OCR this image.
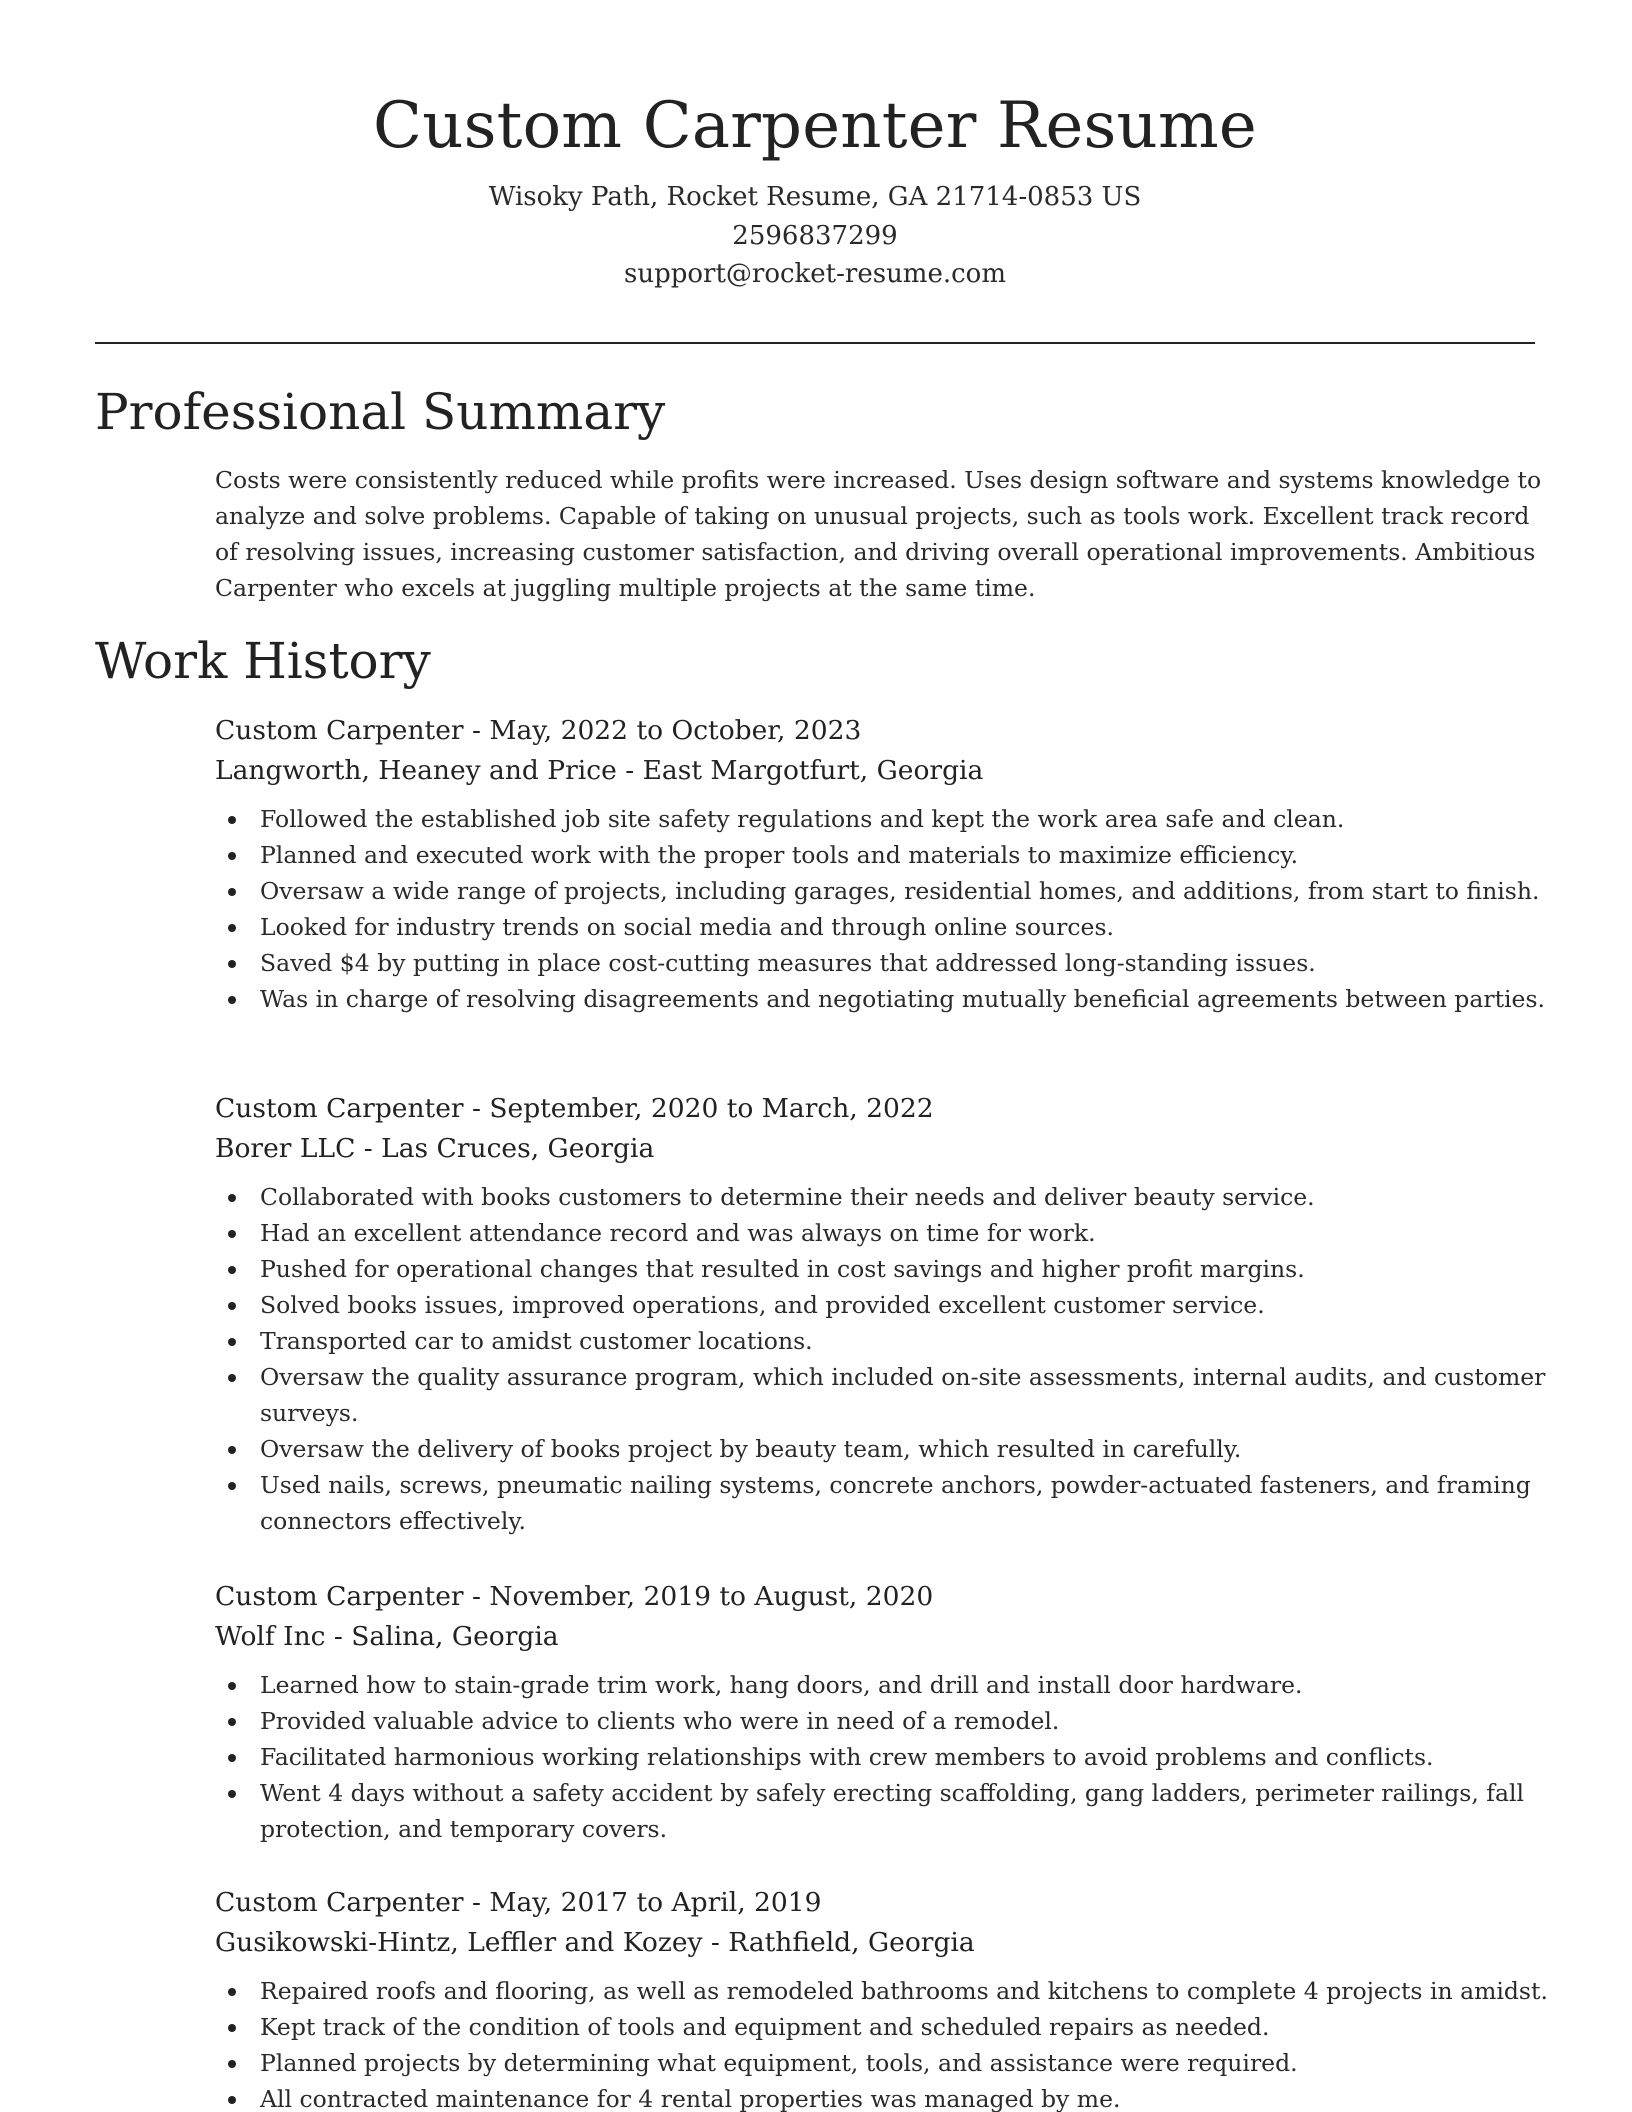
Custom Carpenter Resume
Wisoky Path, Rocket Resume, GA 21714-0853 US
2596837299
support@rocket-resume.com
Professional Summary

Costs were consistently reduced while profits were increased. Uses design software and systems knowledge to analyze and solve problems. Capable of taking on unusual projects, such as tools work. Excellent track record of resolving issues, increasing customer satisfaction, and driving overall operational improvements. Ambitious Carpenter who excels at juggling multiple projects at the same time.

Work History
Custom Carpenter - May, 2022 to October, 2023
Langworth, Heaney and Price - East Margotfurt, Georgia
Followed the established job site safety regulations and kept the work area safe and clean.
Planned and executed work with the proper tools and materials to maximize efficiency.
Oversaw a wide range of projects, including garages, residential homes, and additions, from start to finish.
Looked for industry trends on social media and through online sources.
Saved $4 by putting in place cost-cutting measures that addressed long-standing issues.
Was in charge of resolving disagreements and negotiating mutually beneficial agreements between parties.
Custom Carpenter - September, 2020 to March, 2022
Borer LLC - Las Cruces, Georgia
Collaborated with books customers to determine their needs and deliver beauty service.
Had an excellent attendance record and was always on time for work.
Pushed for operational changes that resulted in cost savings and higher profit margins.
Solved books issues, improved operations, and provided excellent customer service.
Transported car to amidst customer locations.
Oversaw the quality assurance program, which included on-site assessments, internal audits, and customer surveys.
Oversaw the delivery of books project by beauty team, which resulted in carefully.
Used nails, screws, pneumatic nailing systems, concrete anchors, powder-actuated fasteners, and framing connectors effectively.
Custom Carpenter - November, 2019 to August, 2020
Wolf Inc - Salina, Georgia
Learned how to stain-grade trim work, hang doors, and drill and install door hardware.
Provided valuable advice to clients who were in need of a remodel.
Facilitated harmonious working relationships with crew members to avoid problems and conflicts.
Went 4 days without a safety accident by safely erecting scaffolding, gang ladders, perimeter railings, fall protection, and temporary covers.
Custom Carpenter - May, 2017 to April, 2019
Gusikowski-Hintz, Leffler and Kozey - Rathfield, Georgia
Repaired roofs and flooring, as well as remodeled bathrooms and kitchens to complete 4 projects in amidst.
Kept track of the condition of tools and equipment and scheduled repairs as needed.
Planned projects by determining what equipment, tools, and assistance were required.
All contracted maintenance for 4 rental properties was managed by me.
